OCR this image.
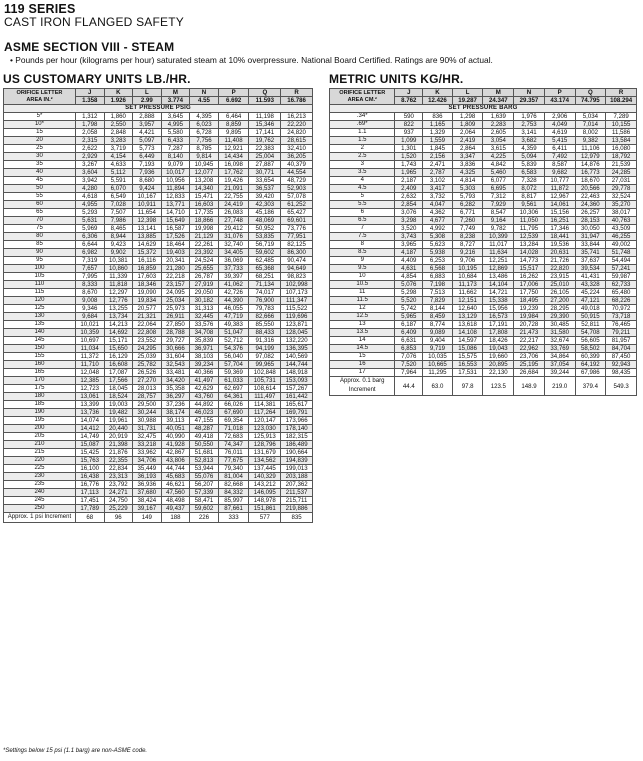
119 SERIES
CAST IRON FLANGED SAFETY
ASME SECTION VIII - STEAM
• Pounds per hour (kilograms per hour) saturated steam at 10% overpressure. National Board Certified. Ratings are 90% of actual.
US CUSTOMARY UNITS LB./HR.	METRIC UNITS KG/HR.
ORIFICE LETTER
AREA IN.²	J	K	L	M	N	P	Q	R
	1.358	1.926	2.99	3.774	4.55	6.692	11.593	16.786
SET PRESSURE PSIG								
5*	1,312	1,860	2,888	3,645	4,395	6,464	11,198	16,213
10*	1,798	2,550	3,957	4,995	6,023	8,859	15,346	22,220
15	2,058	2,848	4,421	5,580	6,728	9,895	17,141	24,820
20	2,315	3,283	5,097	6,433	7,756	11,408	19,762	28,615
25	2,622	3,719	5,773	7,287	8,785	12,921	22,383	32,410
30	2,929	4,154	6,449	8,140	9,814	14,434	25,004	36,205
35	3,267	4,633	7,193	9,079	10,945	16,098	27,887	40,379
40	3,604	5,112	7,936	10,017	12,077	17,762	30,771	44,554
45	3,942	5,591	8,680	10,956	13,208	19,426	33,654	48,729
50	4,280	6,070	9,424	11,894	14,340	21,091	36,537	52,903
55	4,618	6,549	10,167	12,833	15,471	22,755	39,420	57,078
60	4,955	7,028	10,911	13,771	16,603	24,419	42,303	61,252
65	5,293	7,507	11,654	14,710	17,735	26,083	45,186	65,427
70	5,631	7,986	12,398	15,649	18,866	27,748	48,069	69,601
75	5,969	8,465	13,141	16,587	19,998	29,412	50,952	73,776
80	6,306	8,944	13,885	17,526	21,129	31,076	53,835	77,951
85	6,644	9,423	14,629	18,464	22,261	32,740	56,719	82,125
90	6,982	9,902	15,372	19,403	23,392	34,405	59,602	86,300
95	7,319	10,381	16,116	20,341	24,524	36,069	62,485	90,474
100	7,657	10,860	16,859	21,280	25,655	37,733	65,368	94,649
105	7,995	11,339	17,603	22,218	26,787	39,397	68,251	98,823
110	8,333	11,818	18,346	23,157	27,919	41,062	71,134	102,998
115	8,670	12,297	19,090	24,095	29,050	42,726	74,017	107,173
120	9,008	12,776	19,834	25,034	30,182	44,390	76,900	111,347
125	9,346	13,255	20,577	25,973	31,313	46,055	79,783	115,522
130	9,684	13,734	21,321	26,911	32,445	47,719	82,666	119,696
135	10,021	14,213	22,064	27,850	33,576	49,383	85,550	123,871
140	10,359	14,692	22,808	28,788	34,708	51,047	88,433	128,045
145	10,697	15,171	23,552	29,727	35,839	52,712	91,316	132,220
150	11,034	15,650	24,295	30,666	36,971	54,376	94,199	136,395
155	11,372	16,129	25,039	31,604	38,103	56,040	97,082	140,569
160	11,710	16,608	25,782	32,543	39,234	57,704	99,965	144,744
165	12,048	17,087	26,526	33,481	40,366	59,369	102,848	148,918
170	12,385	17,566	27,270	34,420	41,497	61,033	105,731	153,093
175	12,723	18,045	28,013	35,358	42,629	62,697	108,614	157,267
180	13,061	18,524	28,757	36,297	43,760	64,361	111,497	161,442
185	13,399	19,003	29,500	37,236	44,892	66,026	114,381	165,617
190	13,736	19,482	30,244	38,174	46,023	67,690	117,264	169,791
195	14,074	19,961	30,988	39,113	47,155	69,354	120,147	173,966
200	14,412	20,440	31,731	40,051	48,287	71,018	123,030	178,140
205	14,749	20,919	32,475	40,990	49,418	72,683	125,913	182,315
210	15,087	21,398	33,218	41,928	50,550	74,347	128,796	186,489
215	15,425	21,876	33,962	42,867	51,681	76,011	131,679	190,664
220	15,763	22,355	34,706	43,806	52,813	77,675	134,562	194,839
225	16,100	22,834	35,449	44,744	53,944	79,340	137,445	199,013
230	16,438	23,313	36,193	45,683	55,076	81,004	140,329	203,188
235	16,776	23,792	36,936	46,621	56,207	82,668	143,212	207,362
240	17,113	24,271	37,680	47,560	57,339	84,332	146,095	211,537
245	17,451	24,750	38,424	48,498	58,471	85,997	148,978	215,711
250	17,789	25,229	39,167	49,437	59,602	87,661	151,861	219,886
Approx. 1 psi Increment	68	96	149	188	226	333	577	835
ORIFICE LETTER
AREA CM.²	J	K	L	M	N	P	Q	R
	8.762	12.426	19.287	24.347	29.357	43.174	74.795	108.294
SET PRESSURE BARG								
.34*	590	836	1,298	1,639	1,976	2,906	5,034	7,289
.69*	822	1,165	1,809	2,283	2,753	4,049	7,014	10,155
1.1	937	1,329	2,064	2,605	3,141	4,619	8,002	11,586
1.5	1,099	1,559	2,419	3,054	3,682	5,415	9,382	13,584
2	1,301	1,845	2,864	3,615	4,359	6,411	11,106	16,080
2.5	1,520	2,156	3,347	4,225	5,094	7,492	12,979	18,792
3	1,743	2,471	3,836	4,842	5,839	8,587	14,876	21,539
3.5	1,965	2,787	4,325	5,460	6,583	9,682	16,773	24,285
4	2,187	3,102	4,814	6,077	7,328	10,777	18,670	27,031
4.5	2,409	3,417	5,303	6,695	8,072	11,872	20,566	29,778
5	2,632	3,732	5,793	7,312	8,817	12,967	22,463	32,524
5.5	2,854	4,047	6,282	7,929	9,561	14,061	24,360	35,270
6	3,076	4,362	6,771	8,547	10,306	15,156	26,257	38,017
6.5	3,298	4,677	7,260	9,164	11,050	16,251	28,153	40,763
7	3,520	4,992	7,749	9,782	11,795	17,346	30,050	43,509
7.5	3,743	5,308	8,238	10,399	12,539	18,441	31,947	46,255
8	3,965	5,623	8,727	11,017	13,284	19,536	33,844	49,002
8.5	4,187	5,938	9,216	11,634	14,028	20,631	35,741	51,748
9	4,409	6,253	9,706	12,251	14,773	21,726	37,637	54,494
9.5	4,631	6,568	10,195	12,869	15,517	22,820	39,534	57,241
10	4,854	6,883	10,684	13,486	16,262	23,915	41,431	59,987
10.5	5,076	7,198	11,173	14,104	17,006	25,010	43,328	62,733
11	5,298	7,513	11,662	14,721	17,750	26,105	45,224	65,480
11.5	5,520	7,829	12,151	15,338	18,495	27,200	47,121	68,226
12	5,742	8,144	12,640	15,956	19,239	28,295	49,018	70,972
12.5	5,965	8,459	13,129	16,573	19,984	29,390	50,915	73,718
13	6,187	8,774	13,618	17,191	20,728	30,485	52,811	76,465
13.5	6,409	9,089	14,108	17,808	21,473	31,580	54,708	79,211
14	6,631	9,404	14,597	18,426	22,217	32,674	56,605	81,957
14.5	6,853	9,719	15,086	19,043	22,962	33,769	58,502	84,704
15	7,076	10,035	15,575	19,660	23,706	34,864	60,399	87,450
16	7,520	10,665	16,553	20,895	25,195	37,054	64,192	92,943
17	7,964	11,295	17,531	22,130	26,684	39,244	67,986	98,435
Approx. 0.1 barg Increment	44.4	63.0	97.8	123.5	148.9	219.0	379.4	549.3
*Settings below 15 psi (1.1 barg) are non-ASME code.
